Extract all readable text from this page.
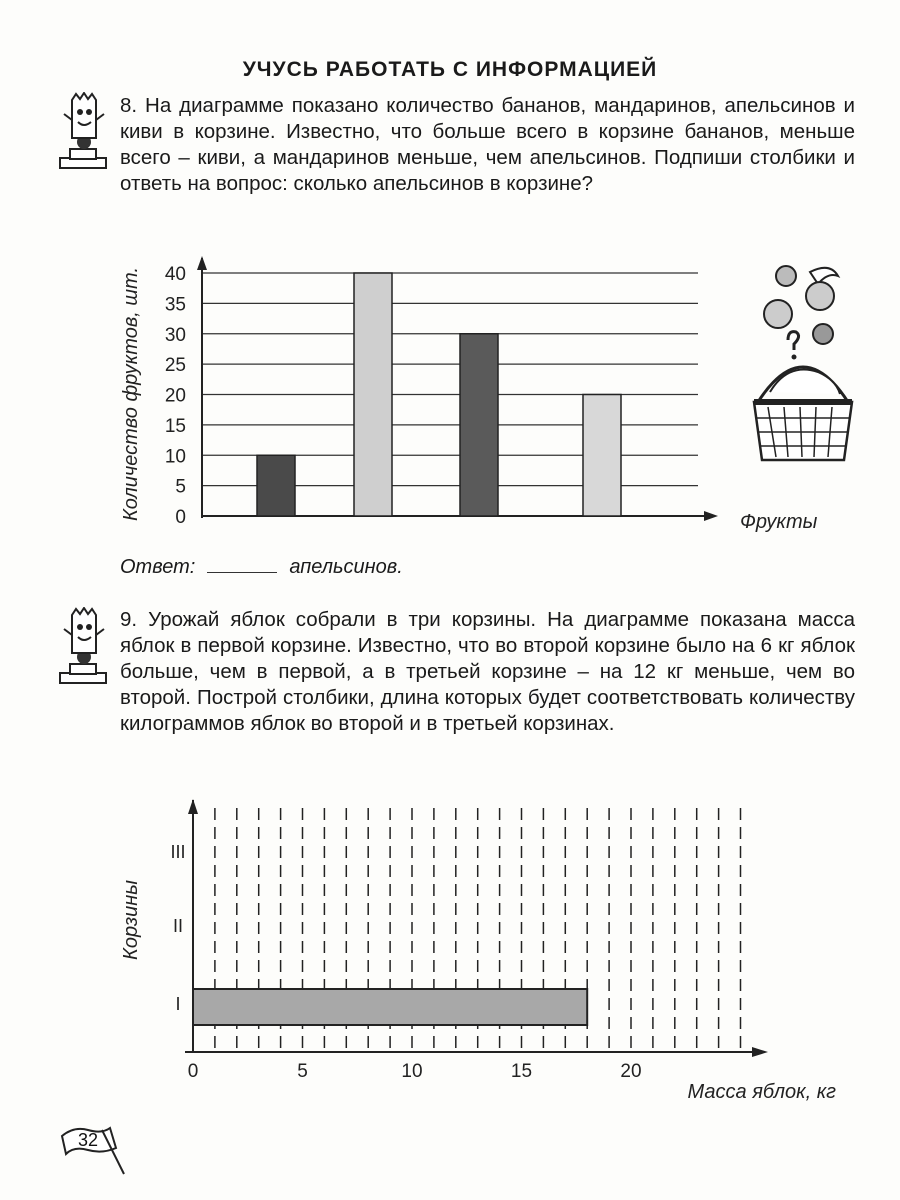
УЧУСЬ РАБОТАТЬ С ИНФОРМАЦИЕЙ
8. На диаграмме показано количество бананов, мандаринов, апельсинов и киви в корзине. Известно, что больше всего в корзине бананов, меньше всего – киви, а мандаринов меньше, чем апельсинов. Подпиши столбики и ответь на вопрос: сколько апельсинов в корзине?
0
5
10
15
20
25
30
35
40
Количество фруктов, шт.
Фрукты
I
II
III
0	5	10	15	20
Корзины
Масса яблок, кг
Ответ:	апельсинов.
9. Урожай яблок собрали в три корзины. На диаграмме показана масса яблок в первой корзине. Известно, что во второй корзине было на 6 кг яблок больше, чем в первой, а в третьей корзине – на 12 кг меньше, чем во второй. Построй столбики, длина которых будет соответствовать количеству килограммов яблок во второй и в третьей корзинах.
32
